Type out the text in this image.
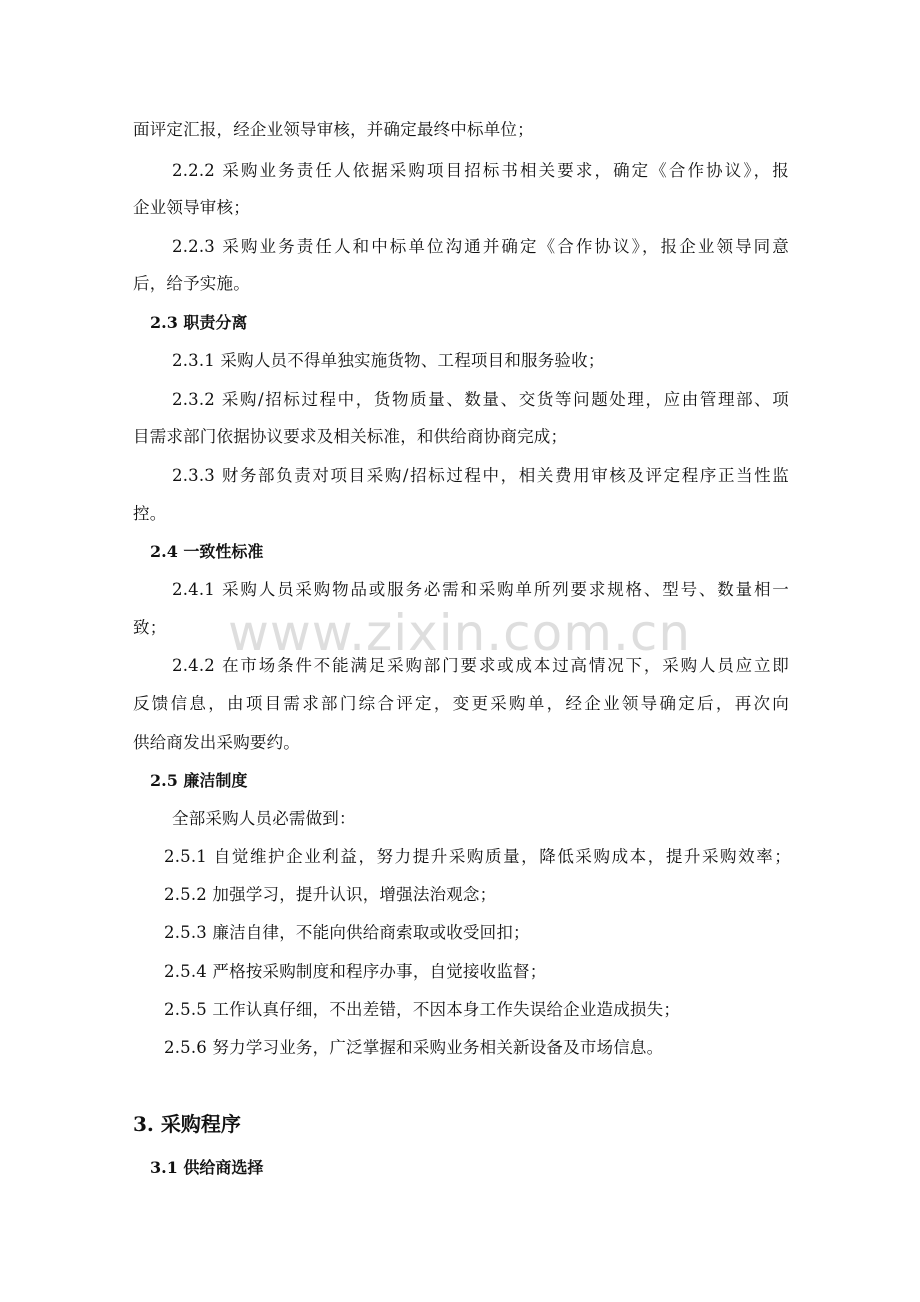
www.zixin.com.cn
面评定汇报，经企业领导审核，并确定最终中标单位；
2.2.2 采购业务责任人依据采购项目招标书相关要求，确定《合作协议》，报
企业领导审核；
2.2.3 采购业务责任人和中标单位沟通并确定《合作协议》，报企业领导同意
后，给予实施。
2.3 职责分离
2.3.1 采购人员不得单独实施货物、工程项目和服务验收；
2.3.2 采购/招标过程中，货物质量、数量、交货等问题处理，应由管理部、项
目需求部门依据协议要求及相关标准，和供给商协商完成；
2.3.3 财务部负责对项目采购/招标过程中，相关费用审核及评定程序正当性监
控。
2.4 一致性标准
2.4.1 采购人员采购物品或服务必需和采购单所列要求规格、型号、数量相一
致；
2.4.2 在市场条件不能满足采购部门要求或成本过高情况下，采购人员应立即
反馈信息，由项目需求部门综合评定，变更采购单，经企业领导确定后，再次向
供给商发出采购要约。
2.5 廉洁制度
全部采购人员必需做到：
2.5.1 自觉维护企业利益，努力提升采购质量，降低采购成本，提升采购效率；
2.5.2 加强学习，提升认识，增强法治观念；
2.5.3 廉洁自律，不能向供给商索取或收受回扣；
2.5.4 严格按采购制度和程序办事，自觉接收监督；
2.5.5 工作认真仔细，不出差错，不因本身工作失误给企业造成损失；
2.5.6 努力学习业务，广泛掌握和采购业务相关新设备及市场信息。
3. 采购程序
3.1 供给商选择
